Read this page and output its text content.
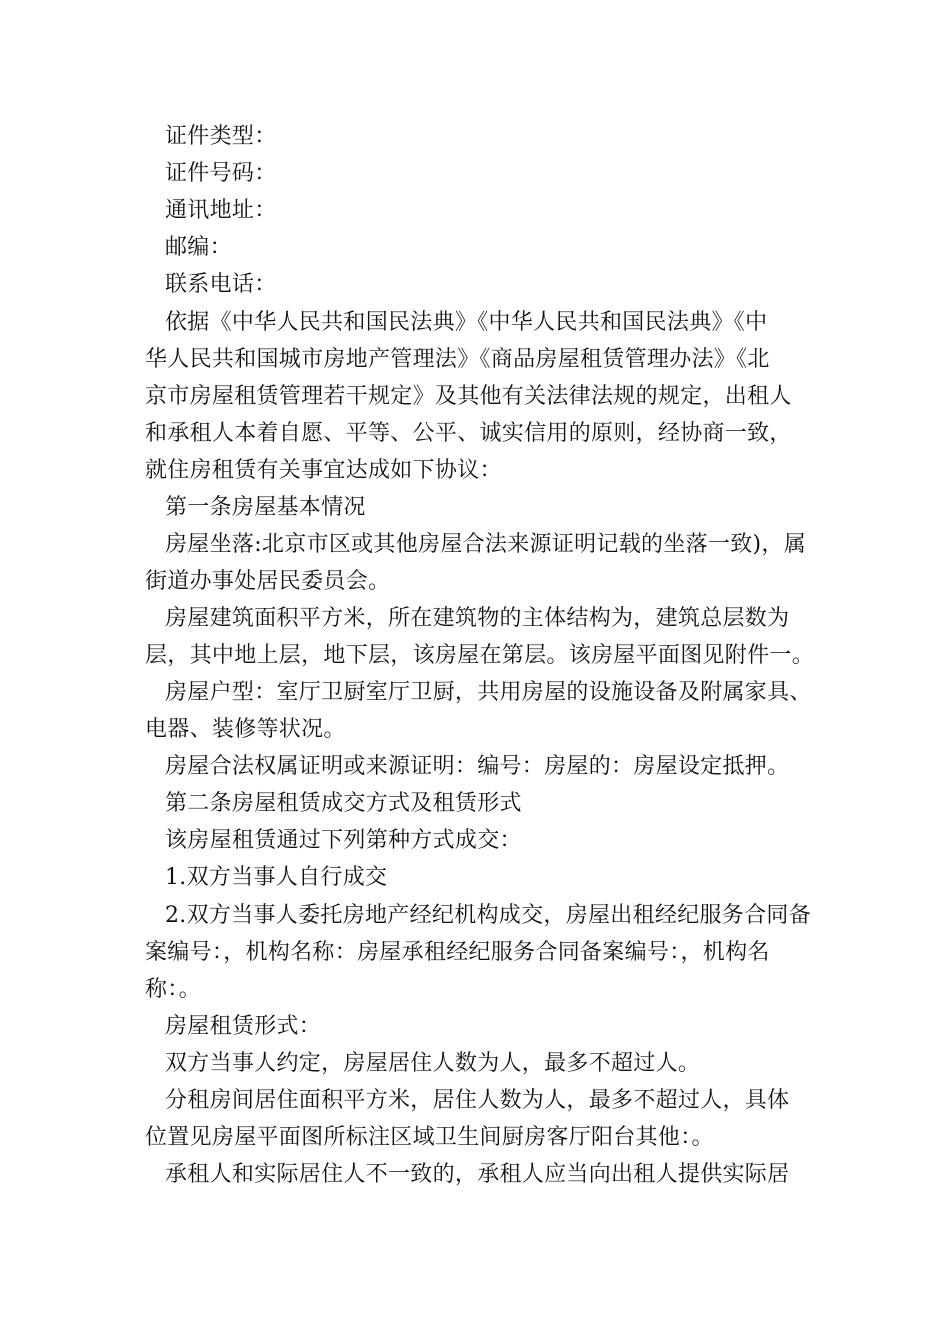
证件类型：
证件号码：
通讯地址：
邮编：
联系电话：
依据《中华人民共和国民法典》《中华人民共和国民法典》《中
华人民共和国城市房地产管理法》《商品房屋租赁管理办法》《北
京市房屋租赁管理若干规定》及其他有关法律法规的规定，出租人
和承租人本着自愿、平等、公平、诚实信用的原则，经协商一致，
就住房租赁有关事宜达成如下协议：
第一条房屋基本情况
房屋坐落:北京市区或其他房屋合法来源证明记载的坐落一致)，属
街道办事处居民委员会。
房屋建筑面积平方米，所在建筑物的主体结构为，建筑总层数为
层，其中地上层，地下层，该房屋在第层。该房屋平面图见附件一。
房屋户型：室厅卫厨室厅卫厨，共用房屋的设施设备及附属家具、
电器、装修等状况。
房屋合法权属证明或来源证明：编号：房屋的：房屋设定抵押。
第二条房屋租赁成交方式及租赁形式
该房屋租赁通过下列第种方式成交：
1.双方当事人自行成交
2.双方当事人委托房地产经纪机构成交，房屋出租经纪服务合同备
案编号：，机构名称：房屋承租经纪服务合同备案编号：，机构名
称：。
房屋租赁形式：
双方当事人约定，房屋居住人数为人，最多不超过人。
分租房间居住面积平方米，居住人数为人，最多不超过人，具体
位置见房屋平面图所标注区域卫生间厨房客厅阳台其他：。
承租人和实际居住人不一致的，承租人应当向出租人提供实际居
